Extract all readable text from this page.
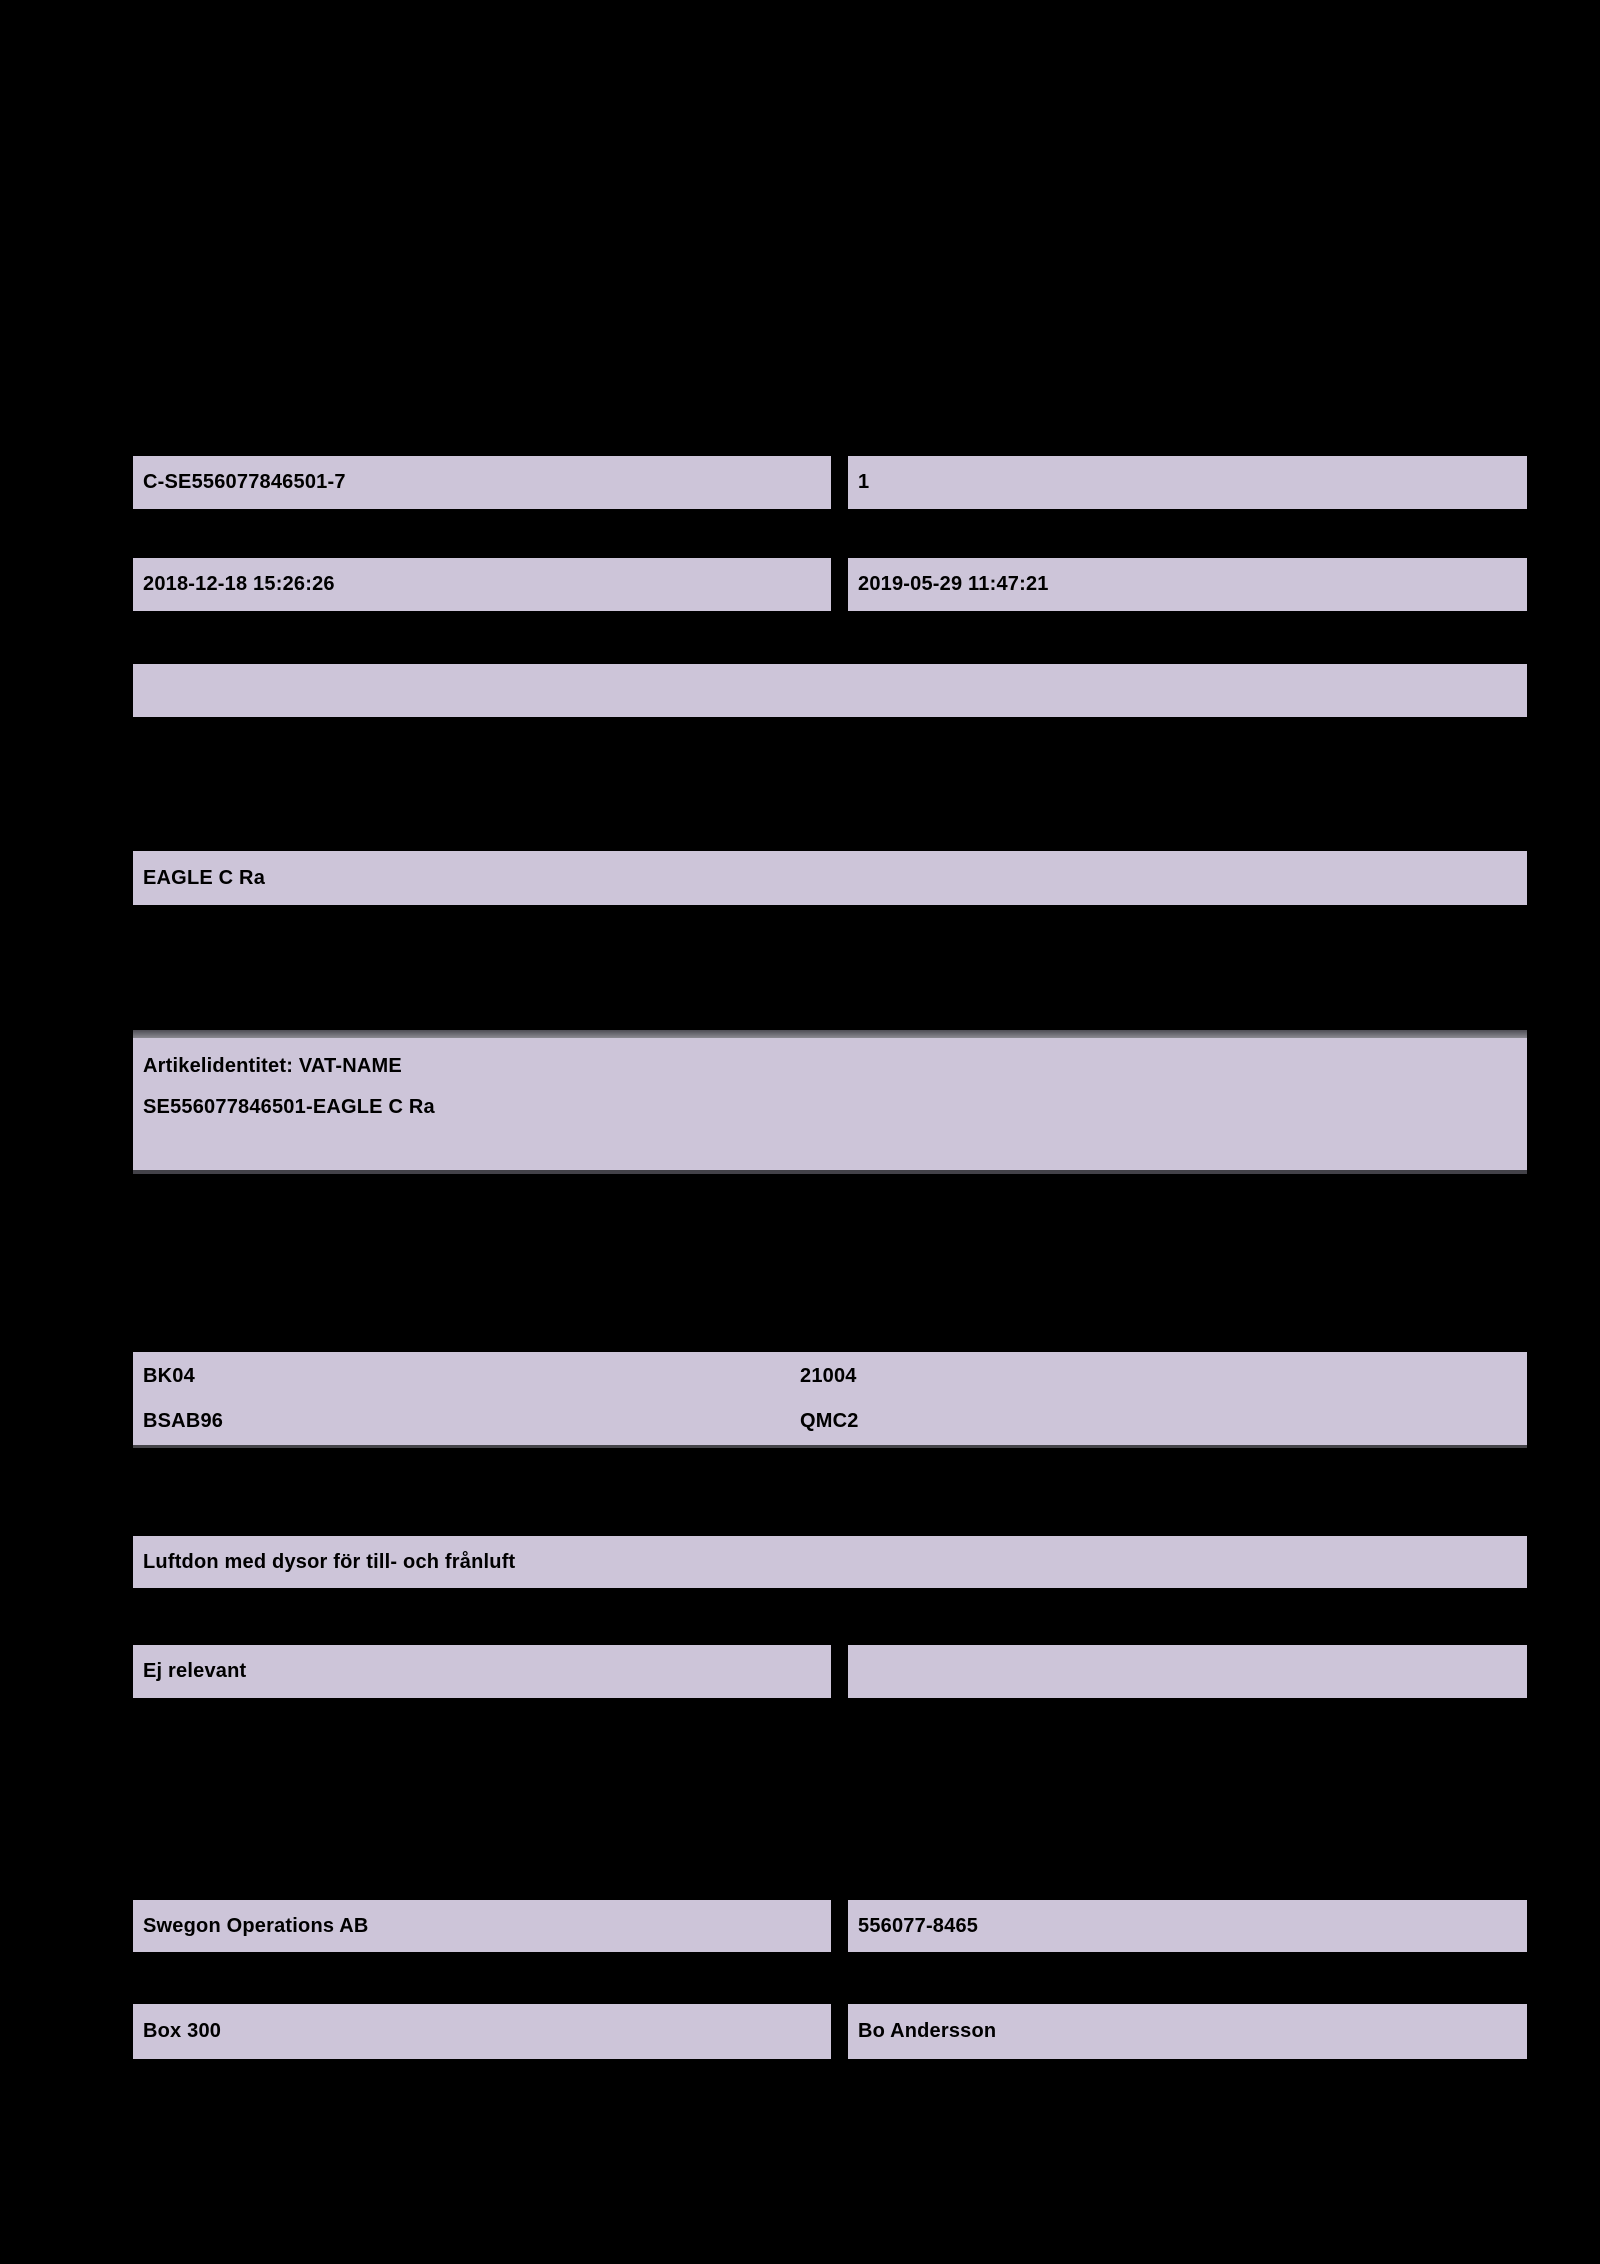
C-SE556077846501-7	1
2018-12-18 15:26:26	2019-05-29 11:47:21
EAGLE C Ra
Artikelidentitet: VAT-NAME
SE556077846501-EAGLE C Ra
BK04	21004
BSAB96	QMC2
Luftdon med dysor för till- och frånluft
Ej relevant
Swegon Operations AB	556077-8465
Box 300	Bo Andersson
